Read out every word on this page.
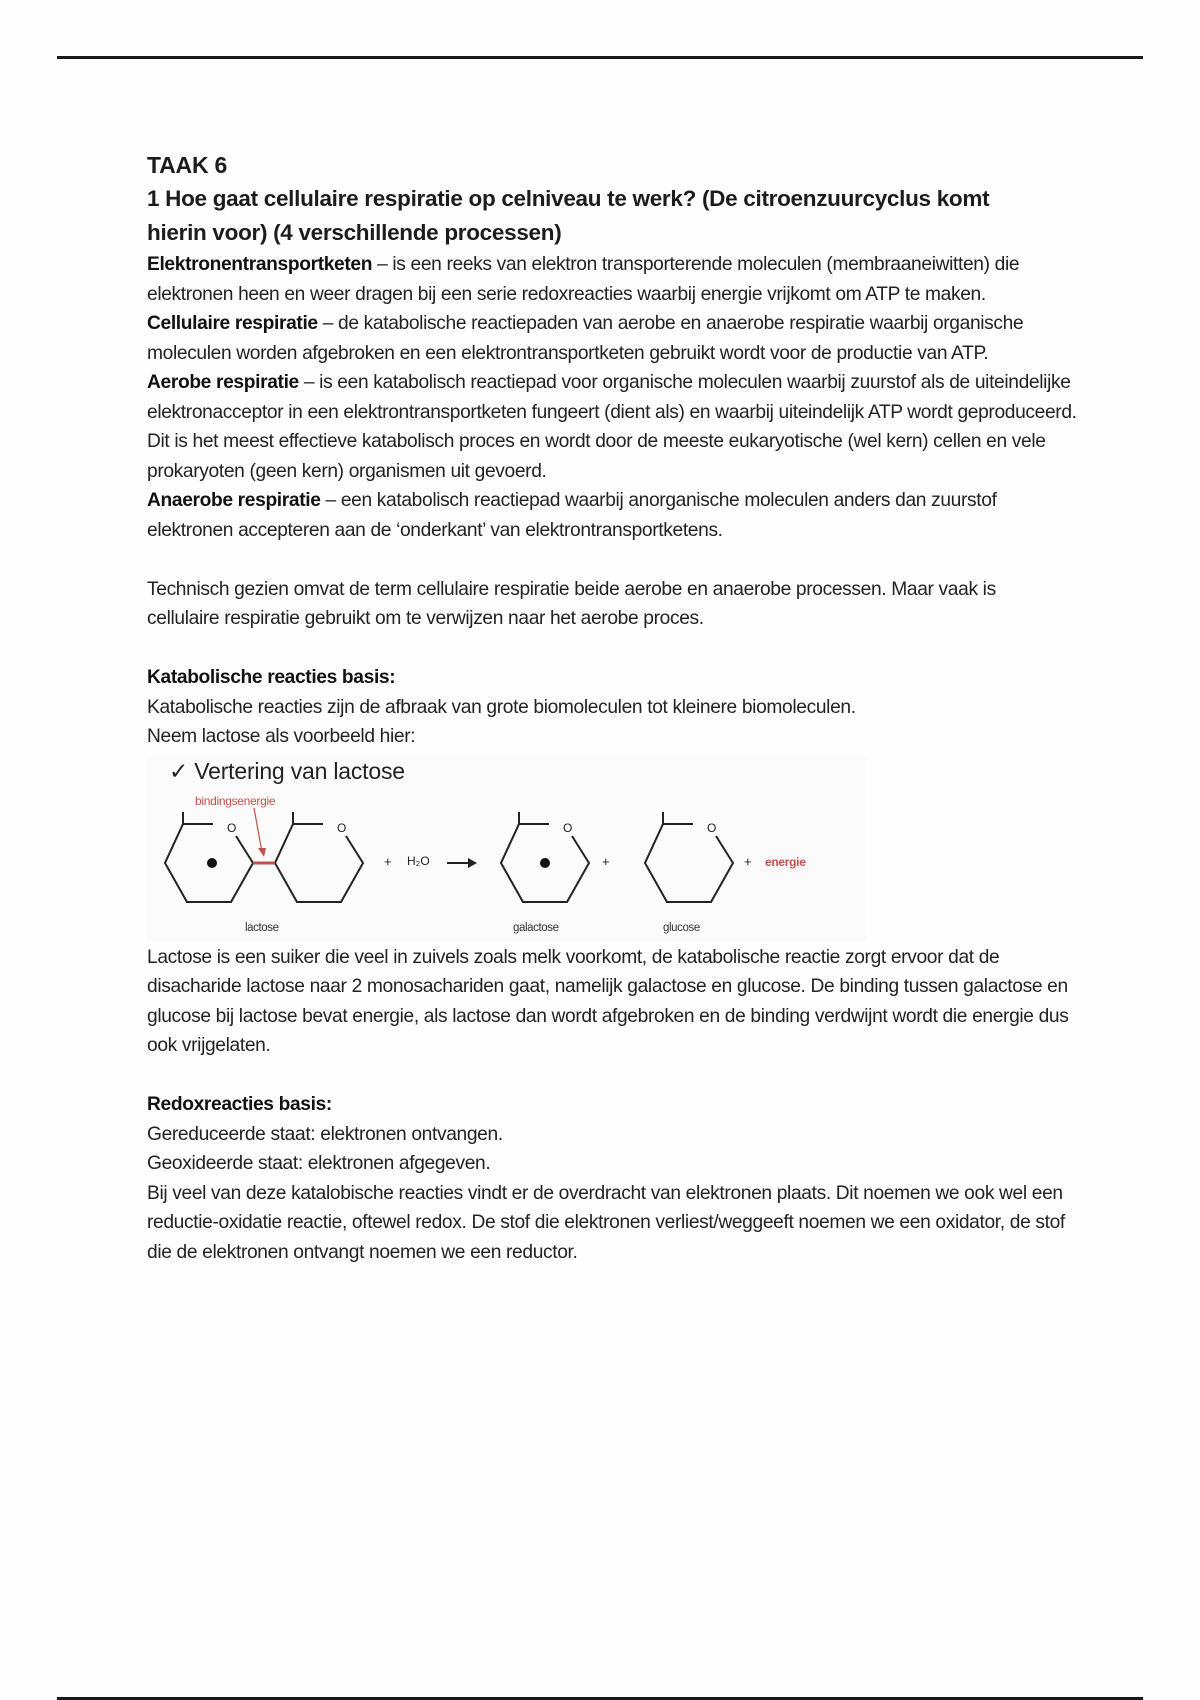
TAAK 6
1 Hoe gaat cellulaire respiratie op celniveau te werk? (De citroenzuurcyclus komt hierin voor) (4 verschillende processen)

Elektronentransportketen – is een reeks van elektron transporterende moleculen (membraaneiwitten) die elektronen heen en weer dragen bij een serie redoxreacties waarbij energie vrijkomt om ATP te maken.

Cellulaire respiratie – de katabolische reactiepaden van aerobe en anaerobe respiratie waarbij organische moleculen worden afgebroken en een elektrontransportketen gebruikt wordt voor de productie van ATP.

Aerobe respiratie – is een katabolisch reactiepad voor organische moleculen waarbij zuurstof als de uiteindelijke elektronacceptor in een elektrontransportketen fungeert (dient als) en waarbij uiteindelijk ATP wordt geproduceerd. Dit is het meest effectieve katabolisch proces en wordt door de meeste eukaryotische (wel kern) cellen en vele prokaryoten (geen kern) organismen uit gevoerd.

Anaerobe respiratie – een katabolisch reactiepad waarbij anorganische moleculen anders dan zuurstof elektronen accepteren aan de ‘onderkant’ van elektrontransportketens.

Technisch gezien omvat de term cellulaire respiratie beide aerobe en anaerobe processen. Maar vaak is cellulaire respiratie gebruikt om te verwijzen naar het aerobe proces.

Katabolische reacties basis:

Katabolische reacties zijn de afbraak van grote biomoleculen tot kleinere biomoleculen.

Neem lactose als voorbeeld hier:

✓ Vertering van lactose
O	O	O	O
bindingsenergie
+ H₂O	+	+ energie
lactose	galactose	glucose

Lactose is een suiker die veel in zuivels zoals melk voorkomt, de katabolische reactie zorgt ervoor dat de disacharide lactose naar 2 monosachariden gaat, namelijk galactose en glucose. De binding tussen galactose en glucose bij lactose bevat energie, als lactose dan wordt afgebroken en de binding verdwijnt wordt die energie dus ook vrijgelaten.

Redoxreacties basis:

Gereduceerde staat: elektronen ontvangen.

Geoxideerde staat: elektronen afgegeven.

Bij veel van deze katalobische reacties vindt er de overdracht van elektronen plaats. Dit noemen we ook wel een reductie-oxidatie reactie, oftewel redox. De stof die elektronen verliest/weggeeft noemen we een oxidator, de stof die de elektronen ontvangt noemen we een reductor.
